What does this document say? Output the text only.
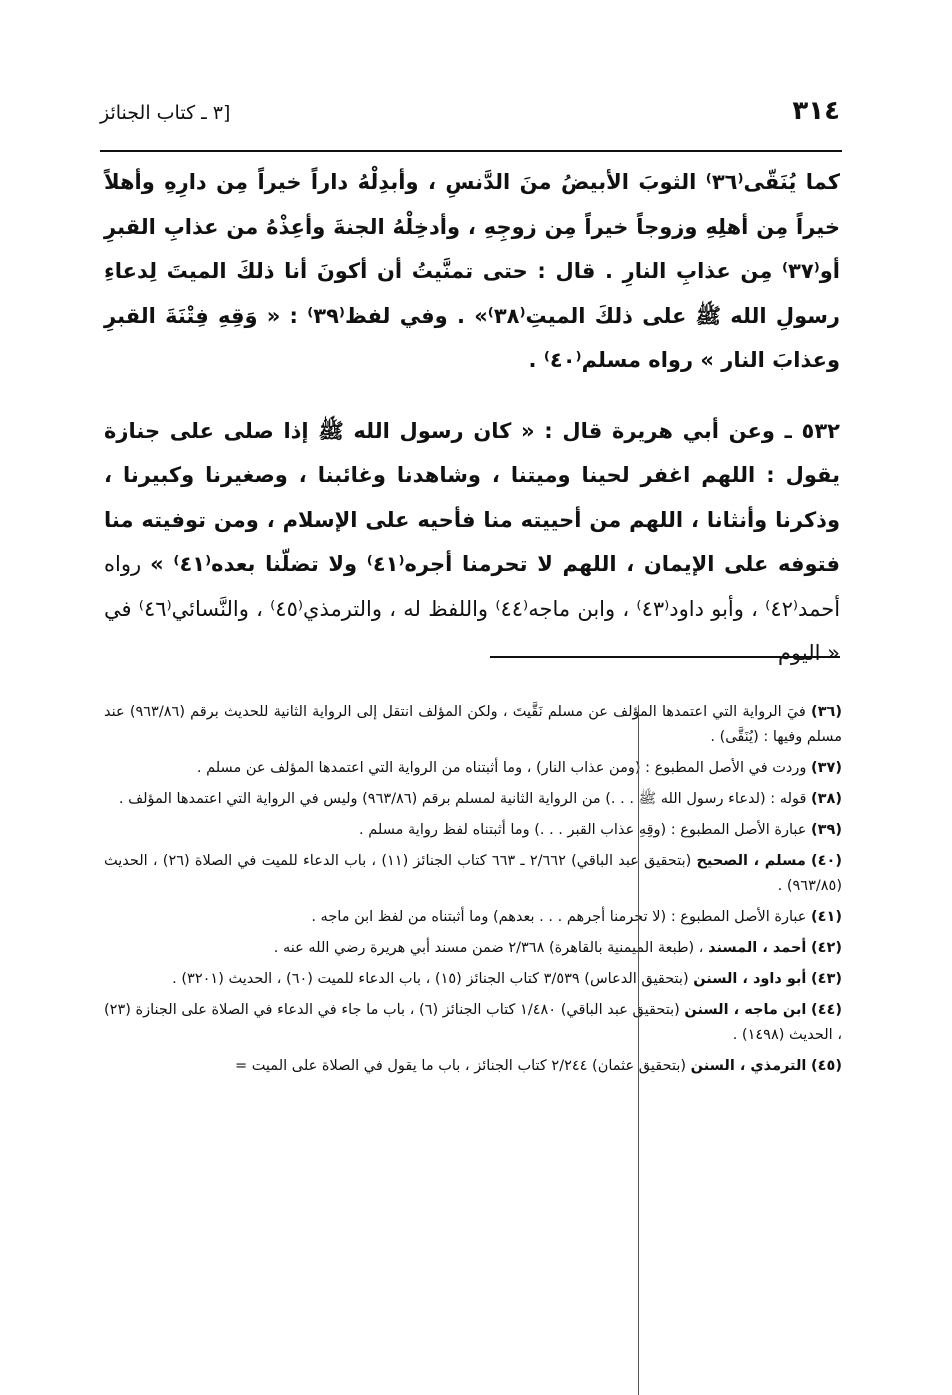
٣١٤
[٣ ـ كتاب الجنائز

كما يُنَقّى⁽٣٦⁾ الثوبَ الأبيضُ منَ الدَّنسِ ، وأبدِلْهُ داراً خيراً مِن دارِهِ وأهلاً خيراً مِن أهلِهِ وزوجاً خيراً مِن زوجِهِ ، وأدخِلْهُ الجنةَ وأعِذْهُ من عذابِ القبرِ أو⁽٣٧⁾ مِن عذابِ النارِ . قال : حتى تمنَّيتُ أن أكونَ أنا ذلكَ الميتَ لِدعاءِ رسولِ الله ﷺ على ذلكَ الميتِ⁽٣٨⁾» . وفي لفظ⁽٣٩⁾ : « وَقِهِ فِتْنَةَ القبرِ وعذابَ النار » رواه مسلم⁽٤٠⁾ .

٥٣٢ ـ وعن أبي هريرة قال : « كان رسول الله ﷺ إذا صلى على جنازة يقول : اللهم اغفر لحينا وميتنا ، وشاهدنا وغائبنا ، وصغيرنا وكبيرنا ، وذكرنا وأنثانا ، اللهم من أحييته منا فأحيه على الإسلام ، ومن توفيته منا فتوفه على الإيمان ، اللهم لا تحرمنا أجره⁽٤١⁾ ولا تضلّنا بعده⁽٤١⁾ » رواه أحمد⁽٤٢⁾ ، وأبو داود⁽٤٣⁾ ، وابن ماجه⁽٤٤⁾ واللفظ له ، والترمذي⁽٤٥⁾ ، والنَّسائي⁽٤٦⁾ في « اليوم

(٣٦) فيَ الرواية التي اعتمدها المؤلف عن مسلم نَقَّيتَ ، ولكن المؤلف انتقل إلى الرواية الثانية للحديث برقم (٩٦٣/٨٦) عند مسلم وفيها : (يُنَقَّى) .

(٣٧) وردت في الأصل المطبوع : (ومن عذاب النار) ، وما أثبتناه من الرواية التي اعتمدها المؤلف عن مسلم .

(٣٨) قوله : (لدعاء رسول الله ﷺ . . .) من الرواية الثانية لمسلم برقم (٩٦٣/٨٦) وليس في الرواية التي اعتمدها المؤلف .

(٣٩) عبارة الأصل المطبوع : (وقِهِ عذاب القبر . . .) وما أثبتناه لفظ رواية مسلم .

(٤٠) مسلم ، الصحيح (بتحقيق عبد الباقي) ٢/٦٦٢ ـ ٦٦٣ كتاب الجنائز (١١) ، باب الدعاء للميت في الصلاة (٢٦) ، الحديث (٩٦٣/٨٥) .

(٤١) عبارة الأصل المطبوع : (لا تحرمنا أجرهم . . . بعدهم) وما أثبتناه من لفظ ابن ماجه .

(٤٢) أحمد ، المسند ، (طبعة الميمنية بالقاهرة) ٢/٣٦٨ ضمن مسند أبي هريرة رضي الله عنه .

(٤٣) أبو داود ، السنن (بتحقيق الدعاس) ٣/٥٣٩ كتاب الجنائز (١٥) ، باب الدعاء للميت (٦٠) ، الحديث (٣٢٠١) .

(٤٤) ابن ماجه ، السنن (بتحقيق عبد الباقي) ١/٤٨٠ كتاب الجنائز (٦) ، باب ما جاء في الدعاء في الصلاة على الجنازة (٢٣) ، الحديث (١٤٩٨) .

(٤٥) الترمذي ، السنن (بتحقيق عثمان) ٢/٢٤٤ كتاب الجنائز ، باب ما يقول في الصلاة على الميت =
